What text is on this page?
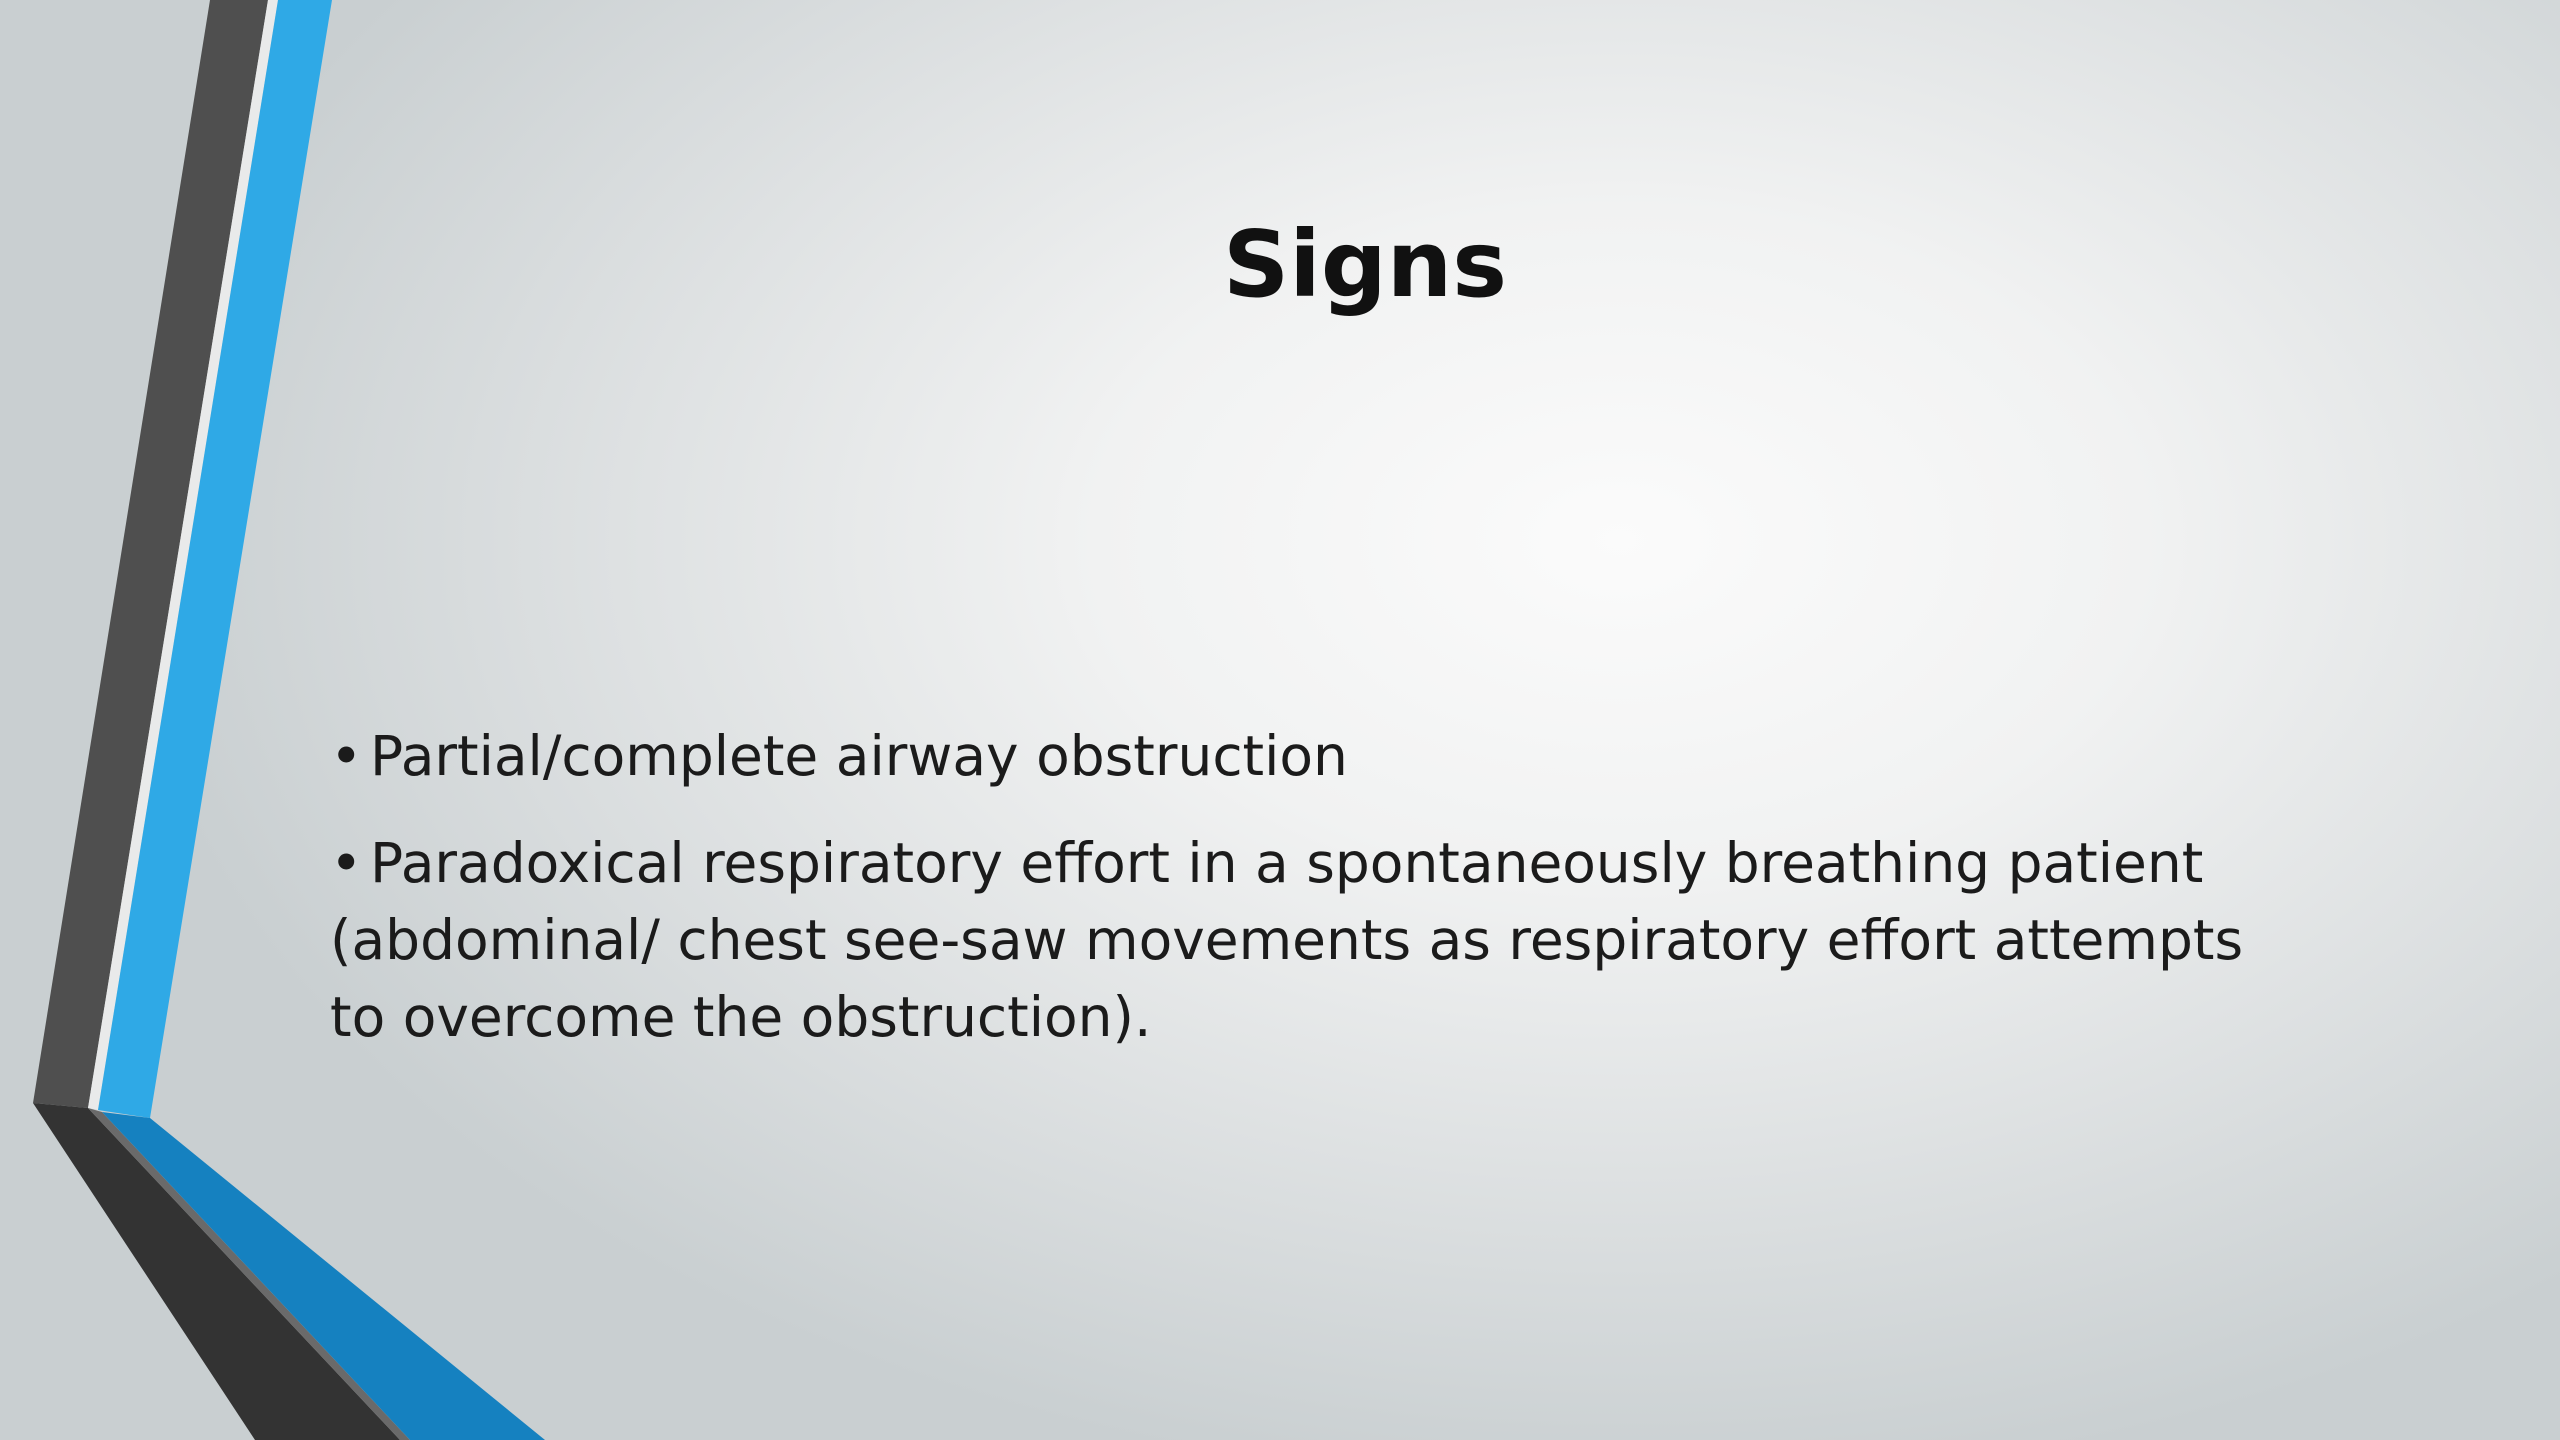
Signs
• Partial/complete airway obstruction
• Paradoxical respiratory effort in a spontaneously breathing patient (abdominal/ chest see-saw movements as respiratory effort attempts to overcome the obstruction).
